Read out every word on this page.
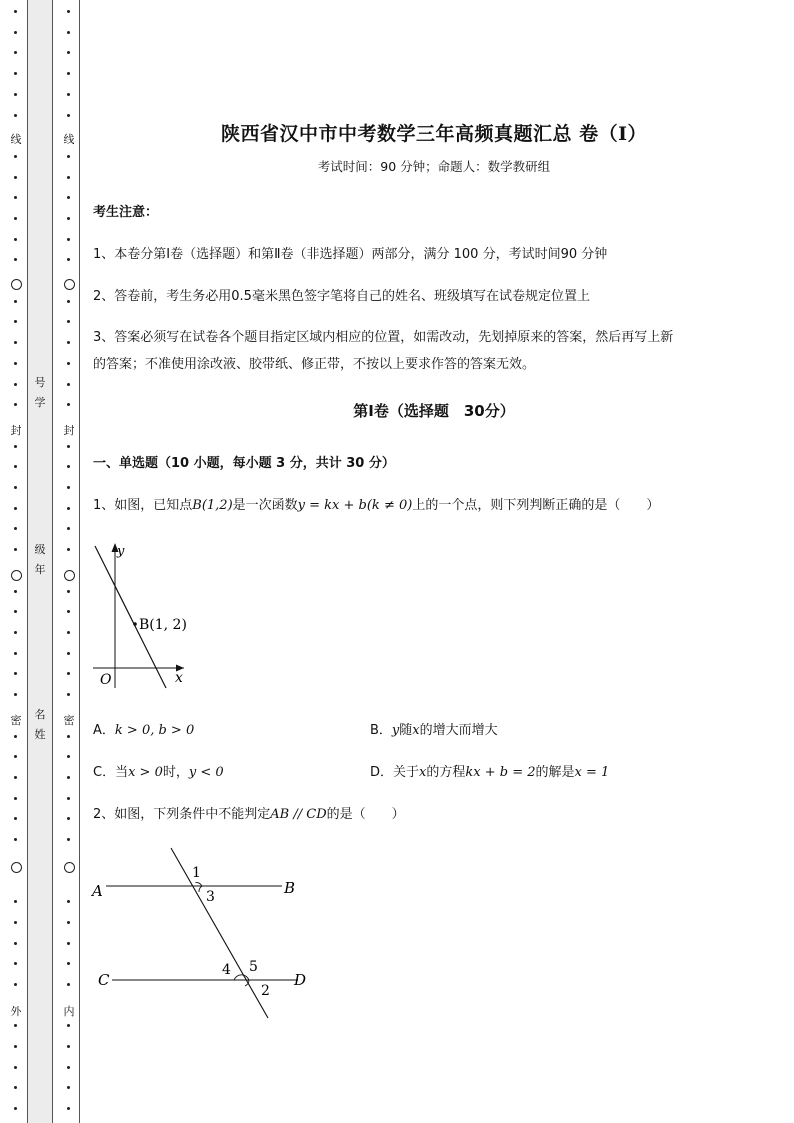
线
封
密
外
号
学
级
年
名
姓
线
封
密
内
陕西省汉中市中考数学三年高频真题汇总 卷（Ⅰ）
考试时间：90 分钟；命题人：数学教研组
考生注意：
1、本卷分第Ⅰ卷（选择题）和第Ⅱ卷（非选择题）两部分，满分 100 分，考试时间90 分钟
2、答卷前，考生务必用0.5毫米黑色签字笔将自己的姓名、班级填写在试卷规定位置上
3、答案必须写在试卷各个题目指定区域内相应的位置，如需改动，先划掉原来的答案，然后再写上新
的答案；不准使用涂改液、胶带纸、修正带，不按以上要求作答的答案无效。
第Ⅰ卷（选择题　30分）
一、单选题（10 小题，每小题 3 分，共计 30 分）
1、如图，已知点B(1,2)是一次函数y = kx + b(k ≠ 0)上的一个点，则下列判断正确的是（　　）
y
x
O
B(1, 2)
A．k > 0, b > 0	B．y随x的增大而增大
C．当x > 0时，y < 0	D．关于x的方程kx + b = 2的解是x = 1
2、如图，下列条件中不能判定AB // CD的是（　　）
A	B
C	D
1
3
4 5
2
